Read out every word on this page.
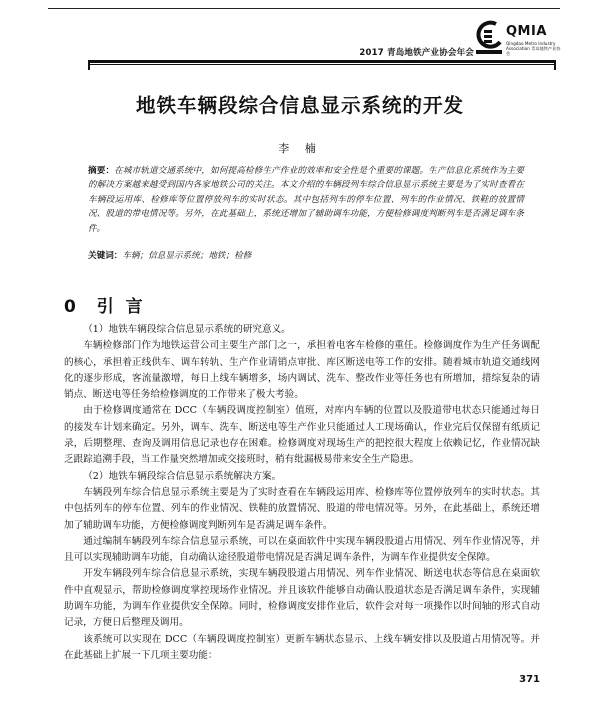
2017 青岛地铁产业协会年会
QMIA
Qingdao Metro Industry Association 青岛地铁产业协会
地铁车辆段综合信息显示系统的开发
李 楠
摘要：在城市轨道交通系统中，如何提高检修生产作业的效率和安全性是个重要的课题。生产信息化系统作为主要的解决方案越来越受到国内各家地铁公司的关注。本文介绍的车辆段列车综合信息显示系统主要是为了实时查看在车辆段运用库、检修库等位置停放列车的实时状态。其中包括列车的停车位置、列车的作业情况、铁鞋的放置情况、股道的带电情况等。另外，在此基础上，系统还增加了辅助调车功能，方便检修调度判断列车是否满足调车条件。
关键词：车辆；信息显示系统；地铁；检修
0 引 言

（1）地铁车辆段综合信息显示系统的研究意义。

车辆检修部门作为地铁运营公司主要生产部门之一，承担着电客车检修的重任。检修调度作为生产任务调配的核心，承担着正线供车、调车转轨、生产作业请销点审批、库区断送电等工作的安排。随着城市轨道交通线网化的逐步形成，客流量激增，每日上线车辆增多，场内调试、洗车、整改作业等任务也有所增加，措综复杂的请销点、断送电等任务给检修调度的工作带来了极大考验。

由于检修调度通常在 DCC（车辆段调度控制室）值班，对库内车辆的位置以及股道带电状态只能通过每日的接发车计划来确定。另外，调车、洗车、断送电等生产作业只能通过人工现场确认，作业完后仅保留有纸质记录，后期整理、查询及调用信息记录也存在困难。检修调度对现场生产的把控很大程度上依赖记忆，作业情况缺乏跟踪追溯手段，当工作量突然增加或交接班时，稍有纰漏极易带来安全生产隐患。

（2）地铁车辆段综合信息显示系统解决方案。

车辆段列车综合信息显示系统主要是为了实时查看在车辆段运用库、检修库等位置停放列车的实时状态。其中包括列车的停车位置、列车的作业情况、铁鞋的放置情况、股道的带电情况等。另外，在此基础上，系统还增加了辅助调车功能，方便检修调度判断列车是否满足调车条件。

通过编制车辆段列车综合信息显示系统，可以在桌面软件中实现车辆段股道占用情况、列车作业情况等，并且可以实现辅助调车功能，自动确认途径股道带电情况是否满足调车条件，为调车作业提供安全保障。

开发车辆段列车综合信息显示系统，实现车辆段股道占用情况、列车作业情况、断送电状态等信息在桌面软件中直观显示，帮助检修调度掌控现场作业情况。并且该软件能够自动确认股道状态是否满足调车条件，实现辅助调车功能，为调车作业提供安全保障。同时，检修调度安排作业后，软件会对每一项操作以时间轴的形式自动记录，方便日后整理及调用。

该系统可以实现在 DCC（车辆段调度控制室）更新车辆状态显示、上线车辆安排以及股道占用情况等。并在此基础上扩展一下几项主要功能：

371
